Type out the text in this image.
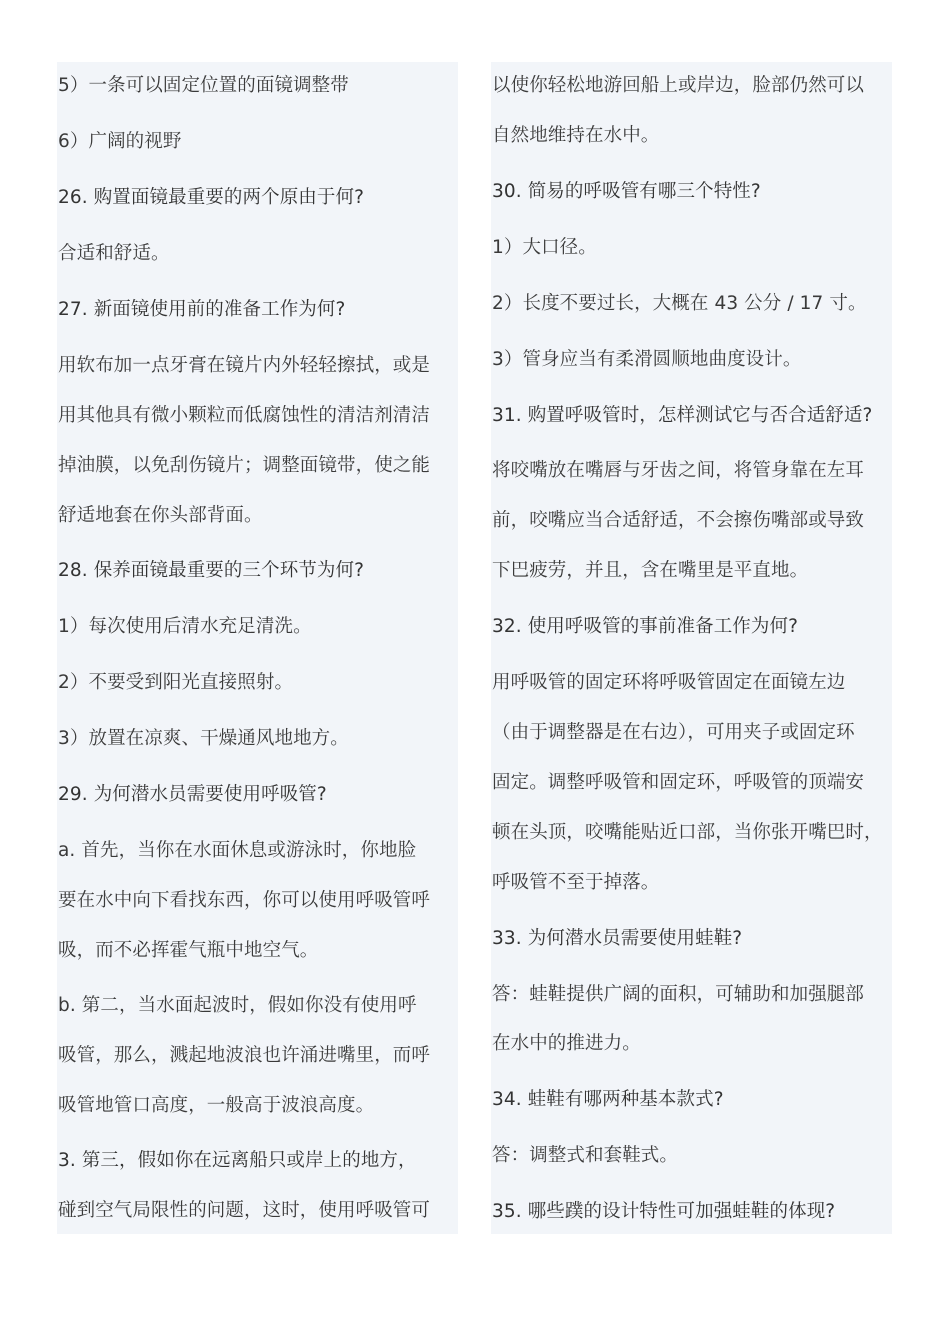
5）一条可以固定位置的面镜调整带
6）广阔的视野
26. 购置面镜最重要的两个原由于何?
合适和舒适。
27. 新面镜使用前的准备工作为何?
用软布加一点牙膏在镜片内外轻轻擦拭，或是
用其他具有微小颗粒而低腐蚀性的清洁剂清洁
掉油膜，以免刮伤镜片；调整面镜带，使之能
舒适地套在你头部背面。
28. 保养面镜最重要的三个环节为何?
1）每次使用后清水充足清洗。
2）不要受到阳光直接照射。
3）放置在凉爽、干燥通风地地方。
29. 为何潜水员需要使用呼吸管?
a. 首先，当你在水面休息或游泳时，你地脸
要在水中向下看找东西，你可以使用呼吸管呼
吸，而不必挥霍气瓶中地空气。
b. 第二，当水面起波时，假如你没有使用呼
吸管，那么，溅起地波浪也许涌进嘴里，而呼
吸管地管口高度，一般高于波浪高度。
3. 第三，假如你在远离船只或岸上的地方，
碰到空气局限性的问题，这时，使用呼吸管可
以使你轻松地游回船上或岸边，脸部仍然可以
自然地维持在水中。
30. 简易的呼吸管有哪三个特性?
1）大口径。
2）长度不要过长，大概在 43 公分 / 17 寸。
3）管身应当有柔滑圆顺地曲度设计。
31. 购置呼吸管时，怎样测试它与否合适舒适?
将咬嘴放在嘴唇与牙齿之间，将管身靠在左耳
前，咬嘴应当合适舒适，不会擦伤嘴部或导致
下巴疲劳，并且，含在嘴里是平直地。
32. 使用呼吸管的事前准备工作为何?
用呼吸管的固定环将呼吸管固定在面镜左边
（由于调整器是在右边），可用夹子或固定环
固定。调整呼吸管和固定环，呼吸管的顶端安
顿在头顶，咬嘴能贴近口部，当你张开嘴巴时，
呼吸管不至于掉落。
33. 为何潜水员需要使用蛙鞋?
答：蛙鞋提供广阔的面积，可辅助和加强腿部
在水中的推进力。
34. 蛙鞋有哪两种基本款式?
答：调整式和套鞋式。
35. 哪些蹼的设计特性可加强蛙鞋的体现?
